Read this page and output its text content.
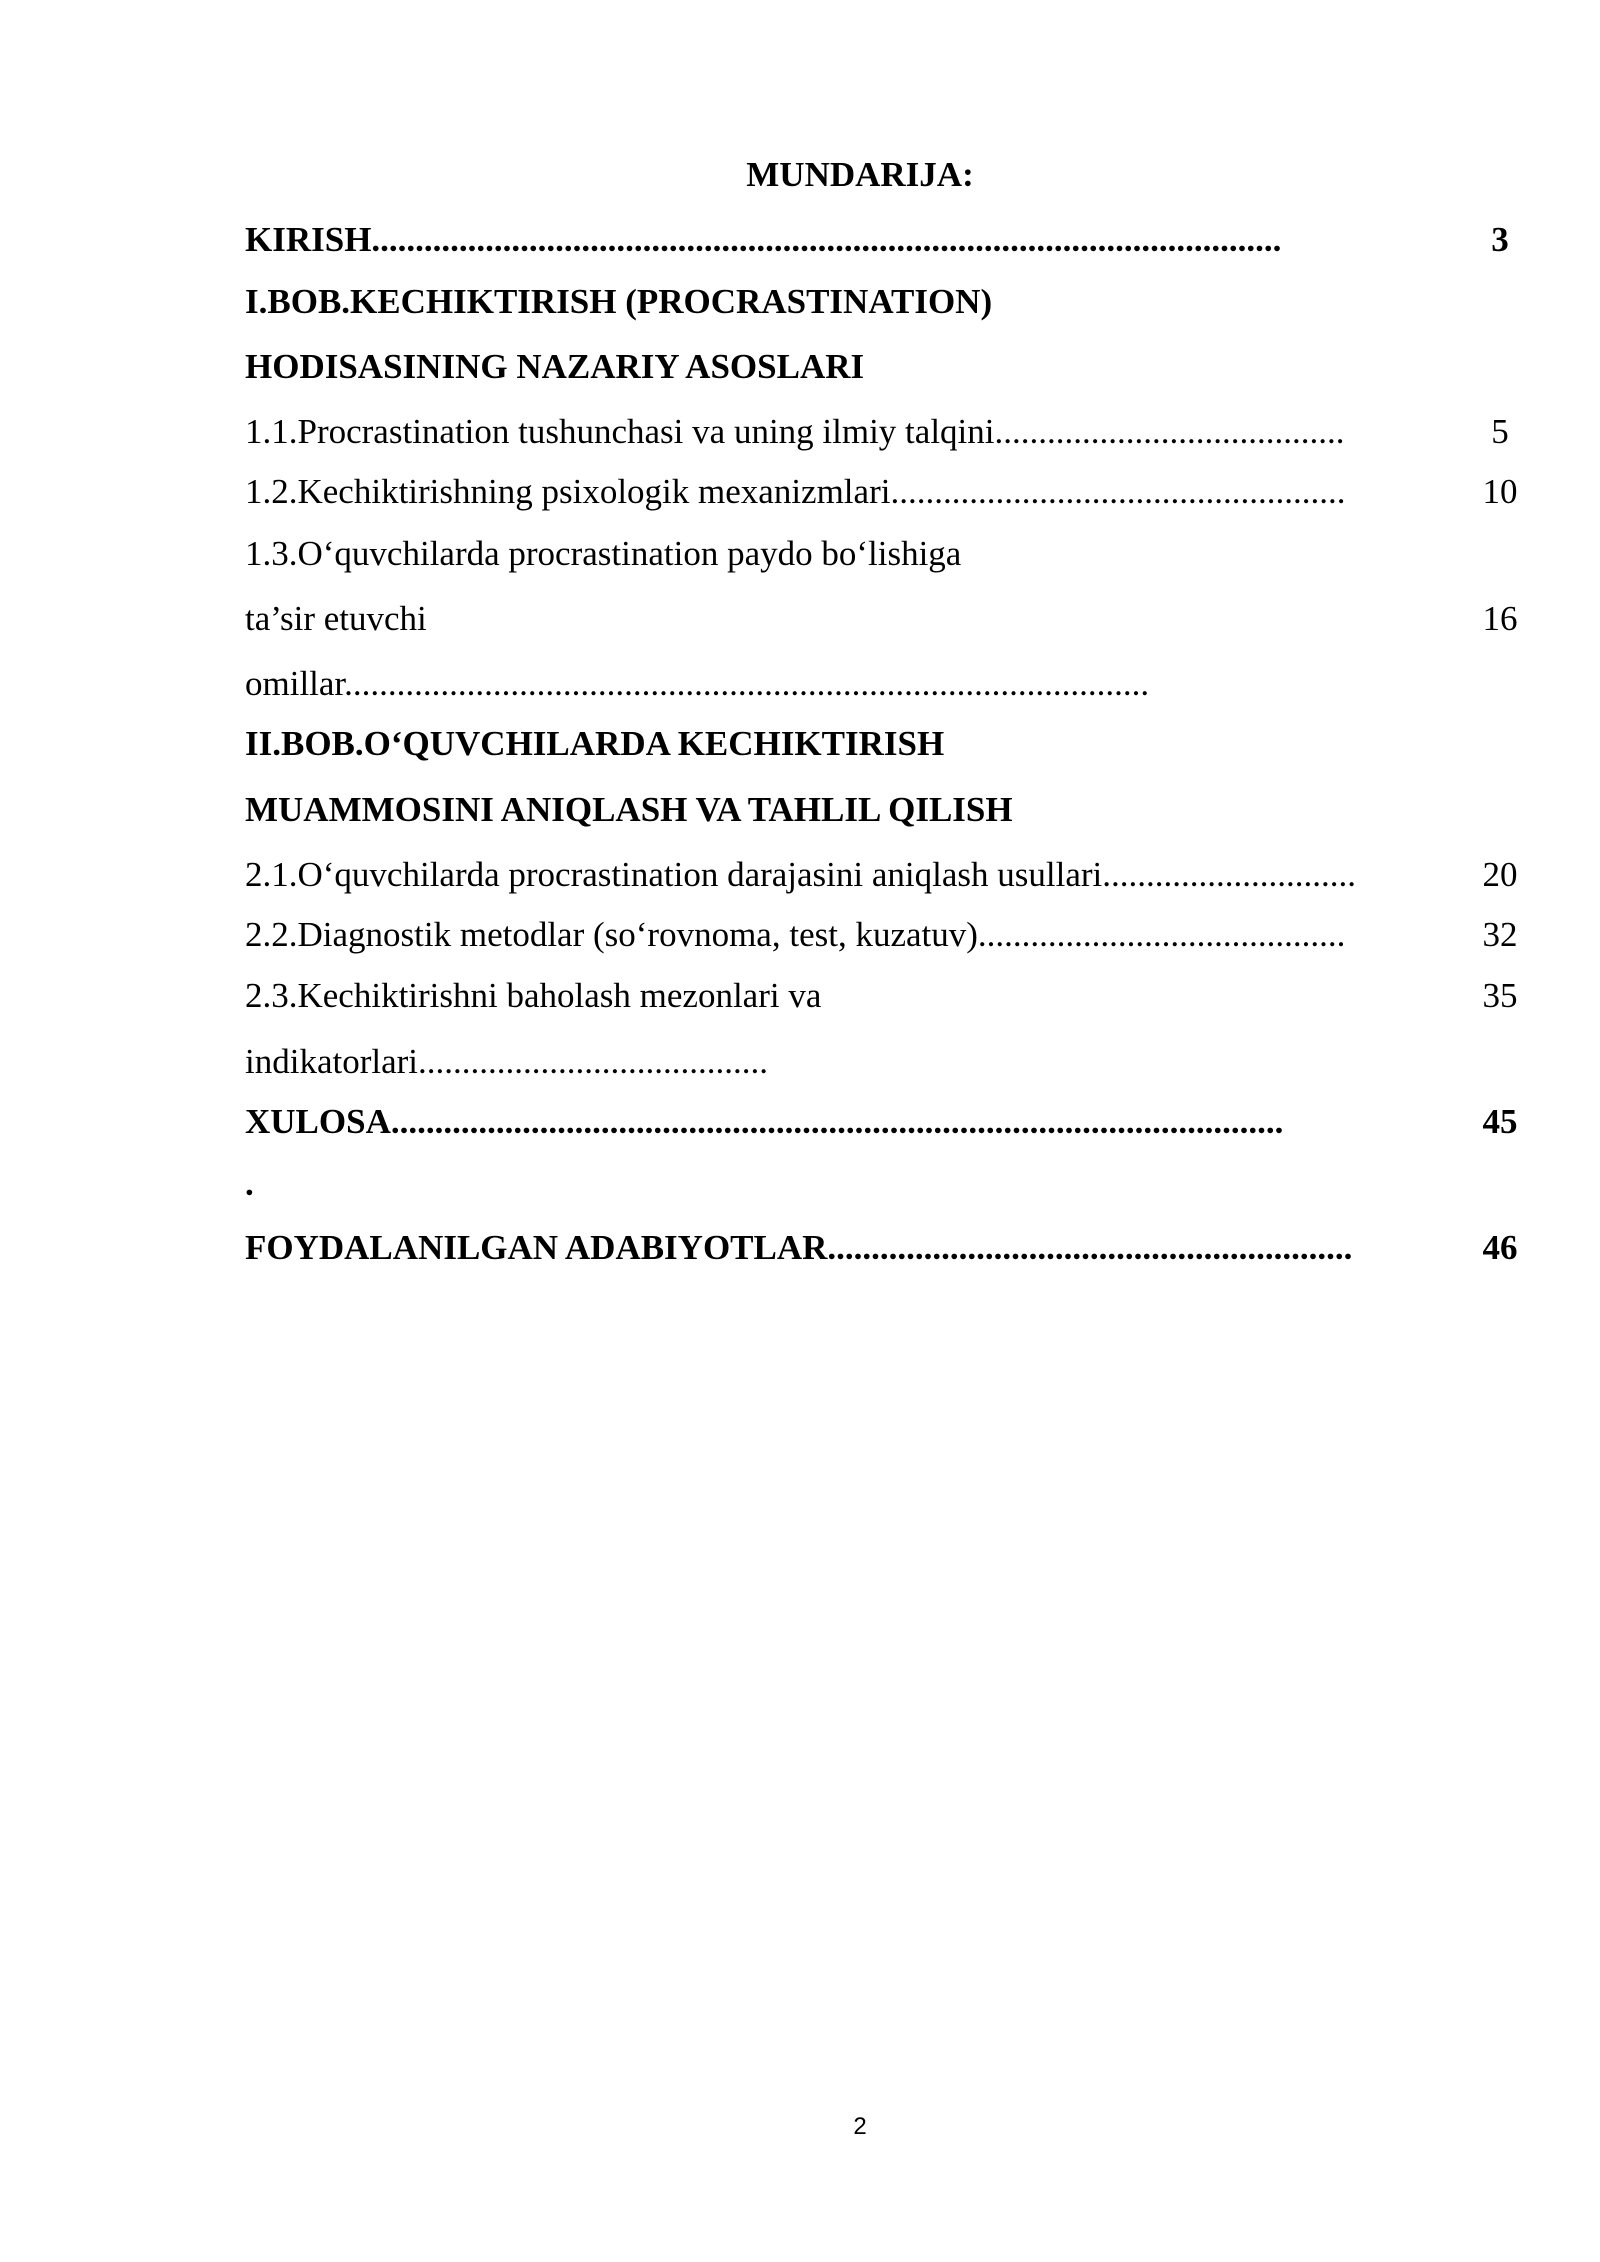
MUNDARIJA:
KIRISH........................................................................................................	3
I.BOB.KECHIKTIRISH (PROCRASTINATION)
HODISASINING NAZARIY ASOSLARI
1.1.Procrastination tushunchasi va uning ilmiy talqini........................................	5
1.2.Kechiktirishning psixologik mexanizmlari....................................................	10
1.3.O‘quvchilarda procrastination paydo bo‘lishiga
ta’sir etuvchi	16
omillar............................................................................................
II.BOB.O‘QUVCHILARDA KECHIKTIRISH
MUAMMOSINI ANIQLASH VA TAHLIL QILISH
2.1.O‘quvchilarda procrastination darajasini aniqlash usullari.............................	20
2.2.Diagnostik metodlar (so‘rovnoma, test, kuzatuv)..........................................	32
2.3.Kechiktirishni baholash mezonlari va	35
indikatorlari........................................
XULOSA......................................................................................................	45
.
FOYDALANILGAN ADABIYOTLAR............................................................	46
2
